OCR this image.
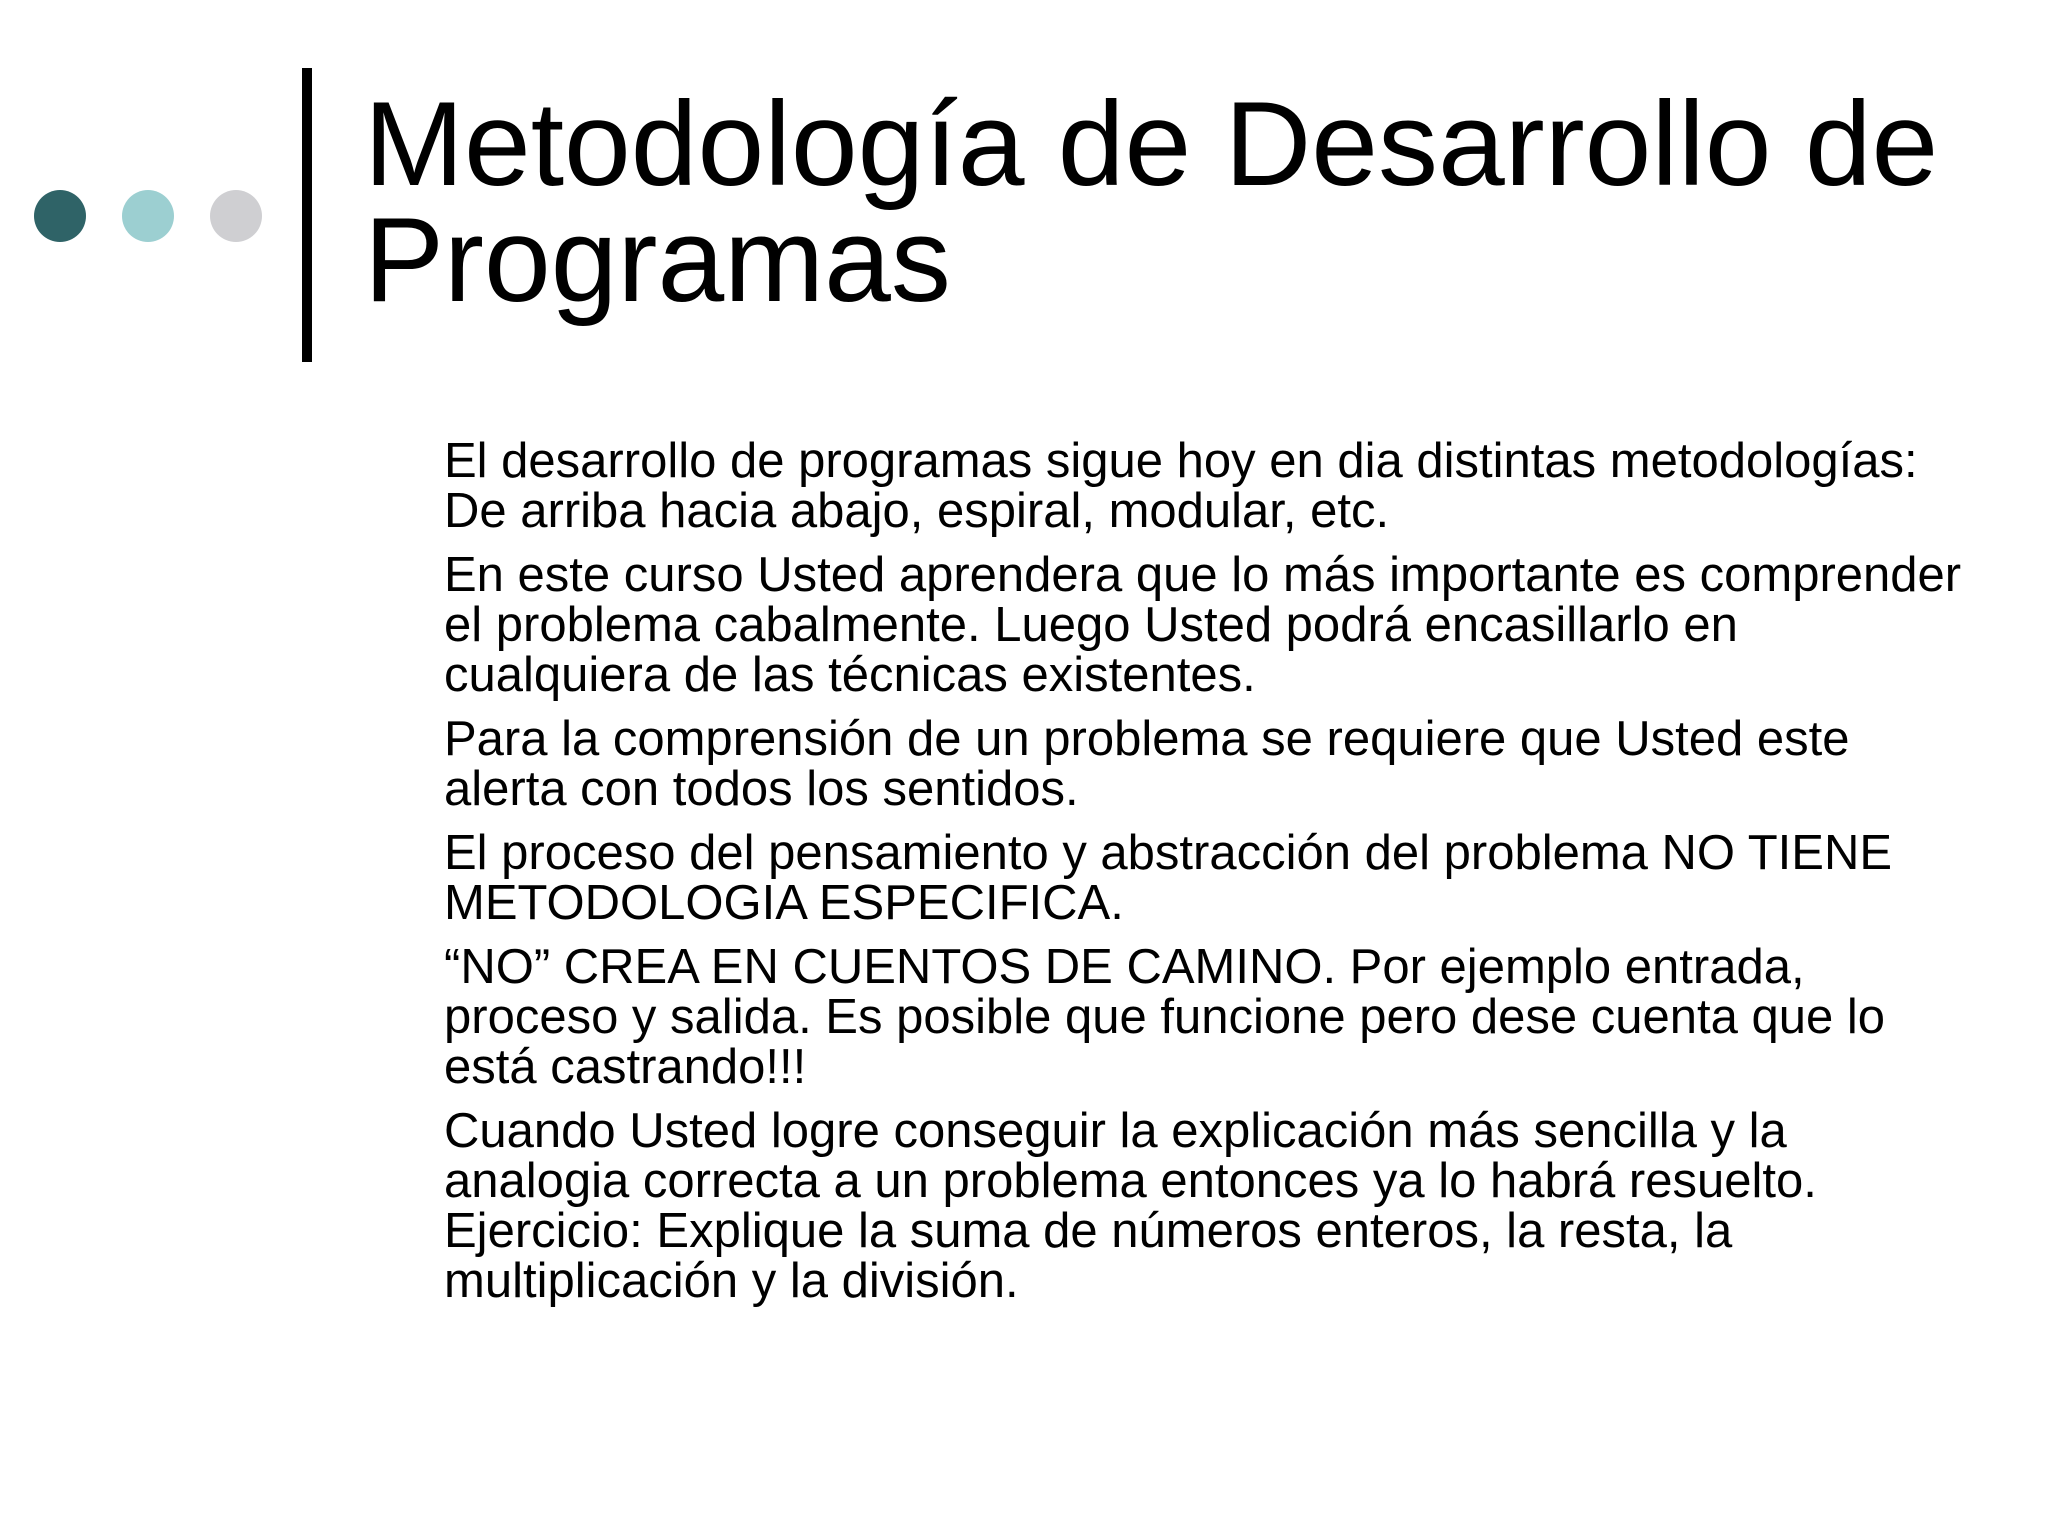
Metodología de Desarrollo de Programas

El desarrollo de programas sigue hoy en dia distintas metodologías: De arriba hacia abajo, espiral, modular, etc.

En este curso Usted aprendera que lo más importante es comprender el problema cabalmente. Luego Usted podrá encasillarlo en cualquiera de las técnicas existentes.

Para la comprensión de un problema se requiere que Usted este alerta con todos los sentidos.

El proceso del pensamiento y abstracción del problema NO TIENE METODOLOGIA ESPECIFICA.

“NO” CREA EN CUENTOS DE CAMINO. Por ejemplo entrada, proceso y salida. Es posible que funcione pero dese cuenta que lo está castrando!!!

Cuando Usted logre conseguir la explicación más sencilla y la analogia correcta a un problema entonces ya lo habrá resuelto. Ejercicio: Explique la suma de números enteros, la resta, la multiplicación y la división.
